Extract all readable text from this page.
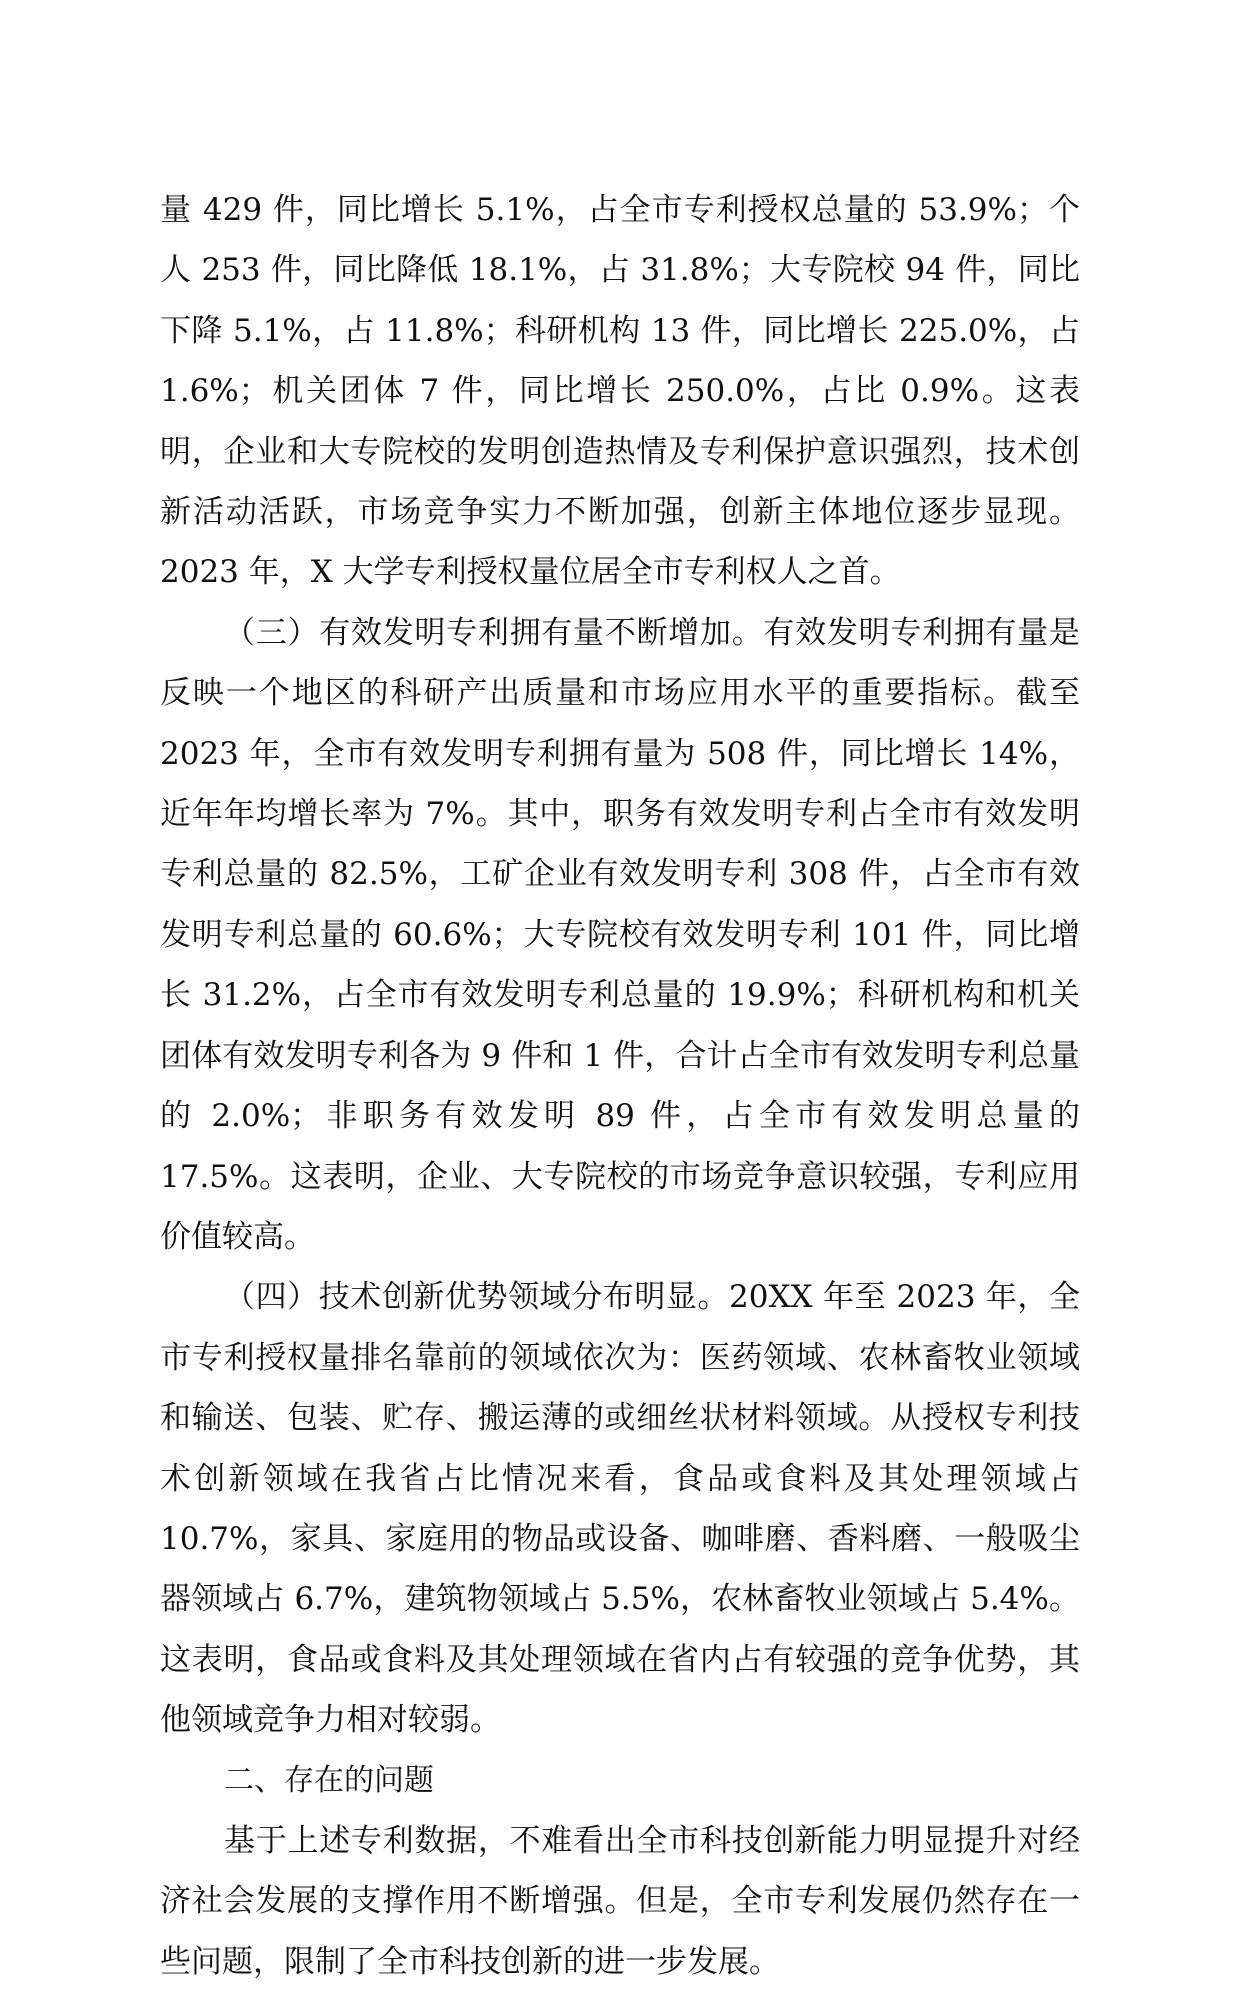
量 429 件，同比增长 5.1%，占全市专利授权总量的 53.9%；个人 253 件，同比降低 18.1%，占 31.8%；大专院校 94 件，同比下降 5.1%，占 11.8%；科研机构 13 件，同比增长 225.0%，占 1.6%；机关团体 7 件，同比增长 250.0%，占比 0.9%。这表明，企业和大专院校的发明创造热情及专利保护意识强烈，技术创新活动活跃，市场竞争实力不断加强，创新主体地位逐步显现。2023 年，X 大学专利授权量位居全市专利权人之首。

（三）有效发明专利拥有量不断增加。有效发明专利拥有量是反映一个地区的科研产出质量和市场应用水平的重要指标。截至 2023 年，全市有效发明专利拥有量为 508 件，同比增长 14%，近年年均增长率为 7%。其中，职务有效发明专利占全市有效发明专利总量的 82.5%，工矿企业有效发明专利 308 件，占全市有效发明专利总量的 60.6%；大专院校有效发明专利 101 件，同比增长 31.2%，占全市有效发明专利总量的 19.9%；科研机构和机关团体有效发明专利各为 9 件和 1 件，合计占全市有效发明专利总量的 2.0%；非职务有效发明 89 件，占全市有效发明总量的 17.5%。这表明，企业、大专院校的市场竞争意识较强，专利应用价值较高。

（四）技术创新优势领域分布明显。20XX 年至 2023 年，全市专利授权量排名靠前的领域依次为：医药领域、农林畜牧业领域和输送、包装、贮存、搬运薄的或细丝状材料领域。从授权专利技术创新领域在我省占比情况来看，食品或食料及其处理领域占 10.7%，家具、家庭用的物品或设备、咖啡磨、香料磨、一般吸尘器领域占 6.7%，建筑物领域占 5.5%，农林畜牧业领域占 5.4%。这表明，食品或食料及其处理领域在省内占有较强的竞争优势，其他领域竞争力相对较弱。

二、存在的问题

基于上述专利数据，不难看出全市科技创新能力明显提升对经济社会发展的支撑作用不断增强。但是，全市专利发展仍然存在一些问题，限制了全市科技创新的进一步发展。
